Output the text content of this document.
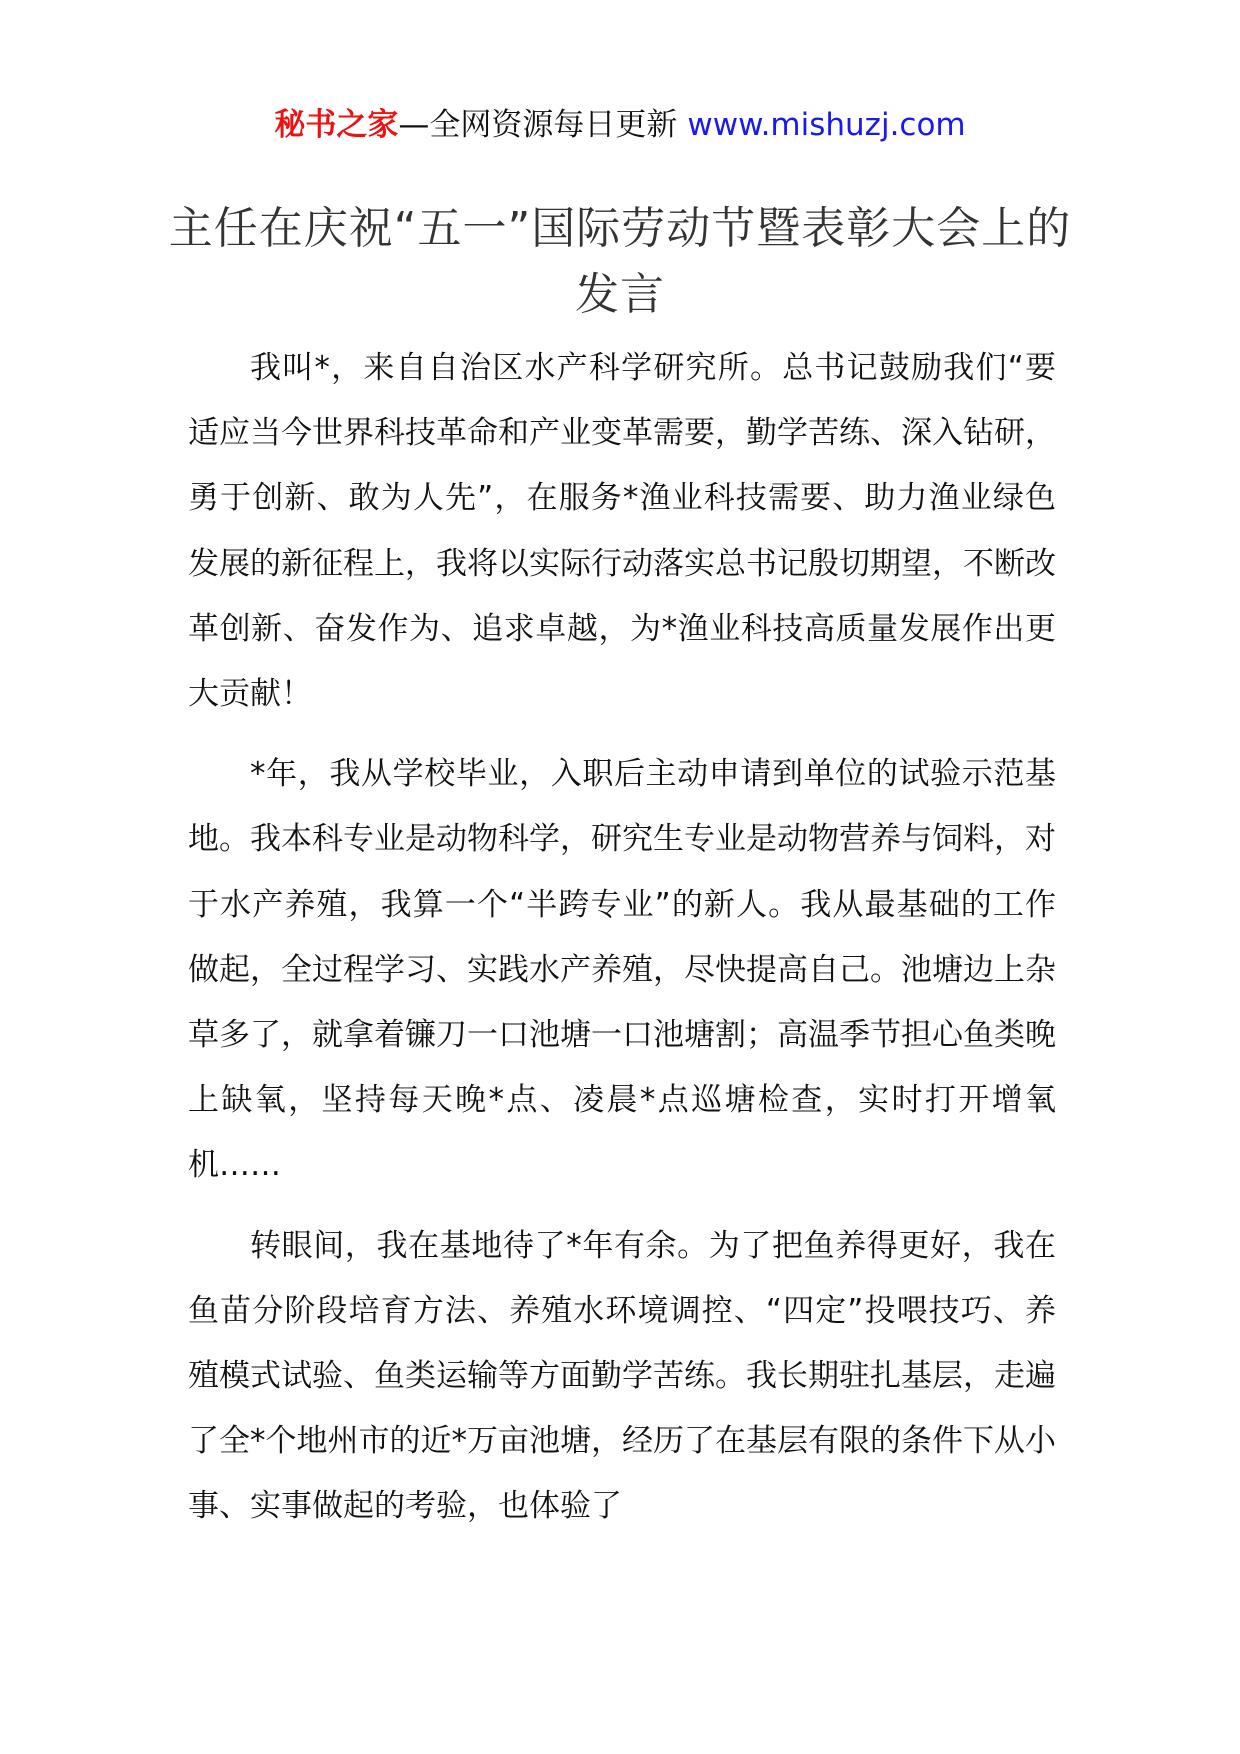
秘书之家—全网资源每日更新 www.mishuzj.com
主任在庆祝“五一”国际劳动节暨表彰大会上的发言

我叫*，来自自治区水产科学研究所。总书记鼓励我们“要适应当今世界科技革命和产业变革需要，勤学苦练、深入钻研，勇于创新、敢为人先”，在服务*渔业科技需要、助力渔业绿色发展的新征程上，我将以实际行动落实总书记殷切期望，不断改革创新、奋发作为、追求卓越，为*渔业科技高质量发展作出更大贡献！

*年，我从学校毕业，入职后主动申请到单位的试验示范基地。我本科专业是动物科学，研究生专业是动物营养与饲料，对于水产养殖，我算一个“半跨专业”的新人。我从最基础的工作做起，全过程学习、实践水产养殖，尽快提高自己。池塘边上杂草多了，就拿着镰刀一口池塘一口池塘割；高温季节担心鱼类晚上缺氧，坚持每天晚*点、凌晨*点巡塘检查，实时打开增氧机……

转眼间，我在基地待了*年有余。为了把鱼养得更好，我在鱼苗分阶段培育方法、养殖水环境调控、“四定”投喂技巧、养殖模式试验、鱼类运输等方面勤学苦练。我长期驻扎基层，走遍了全*个地州市的近*万亩池塘，经历了在基层有限的条件下从小事、实事做起的考验，也体验了
